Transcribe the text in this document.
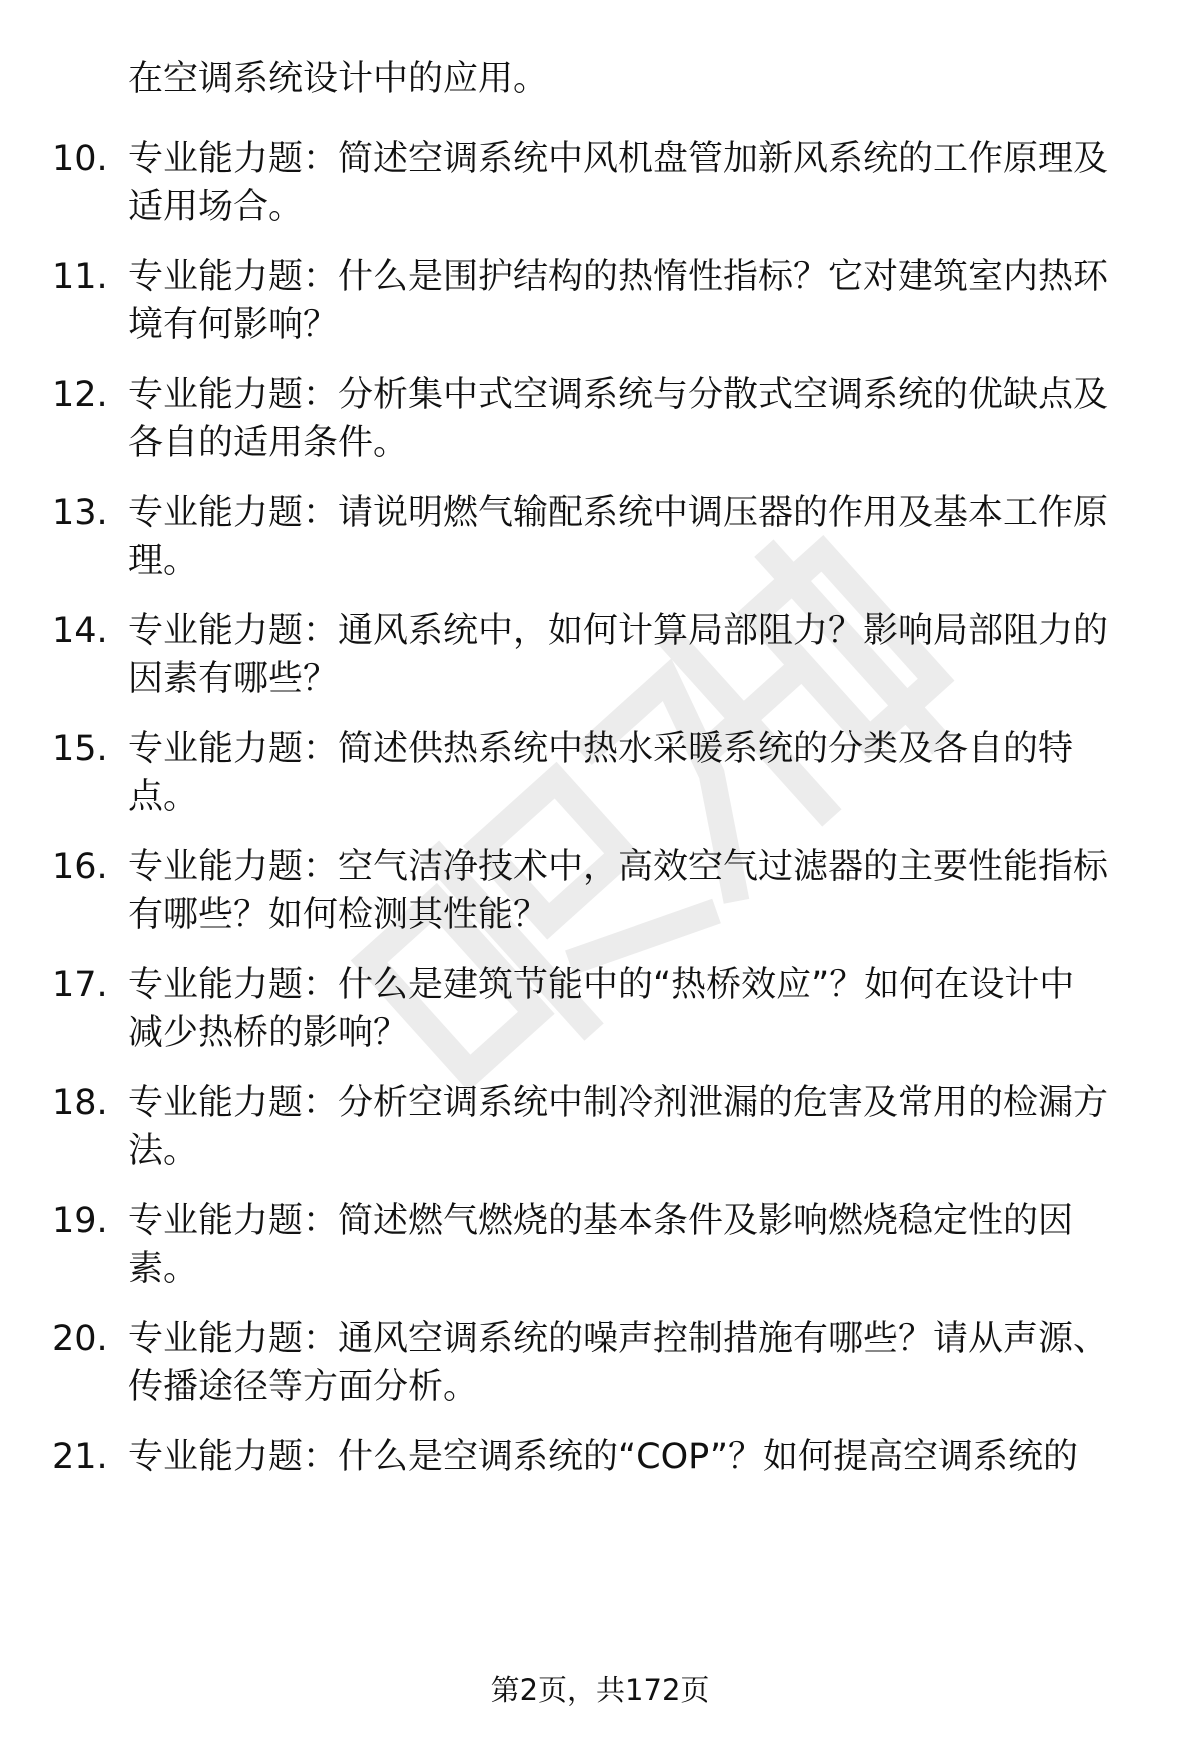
在空调系统设计中的应用。
10. 专业能力题：简述空调系统中风机盘管加新风系统的工作原理及
适用场合。
11. 专业能力题：什么是围护结构的热惰性指标？它对建筑室内热环
境有何影响？
12. 专业能力题：分析集中式空调系统与分散式空调系统的优缺点及
各自的适用条件。
13. 专业能力题：请说明燃气输配系统中调压器的作用及基本工作原
理。
14. 专业能力题：通风系统中，如何计算局部阻力？影响局部阻力的
因素有哪些？
15. 专业能力题：简述供热系统中热水采暖系统的分类及各自的特
点。
16. 专业能力题：空气洁净技术中，高效空气过滤器的主要性能指标
有哪些？如何检测其性能？
17. 专业能力题：什么是建筑节能中的“热桥效应”？如何在设计中
减少热桥的影响？
18. 专业能力题：分析空调系统中制冷剂泄漏的危害及常用的检漏方
法。
19. 专业能力题：简述燃气燃烧的基本条件及影响燃烧稳定性的因
素。
20. 专业能力题：通风空调系统的噪声控制措施有哪些？请从声源、
传播途径等方面分析。
21. 专业能力题：什么是空调系统的“COP”？如何提高空调系统的
第2页，共172页
